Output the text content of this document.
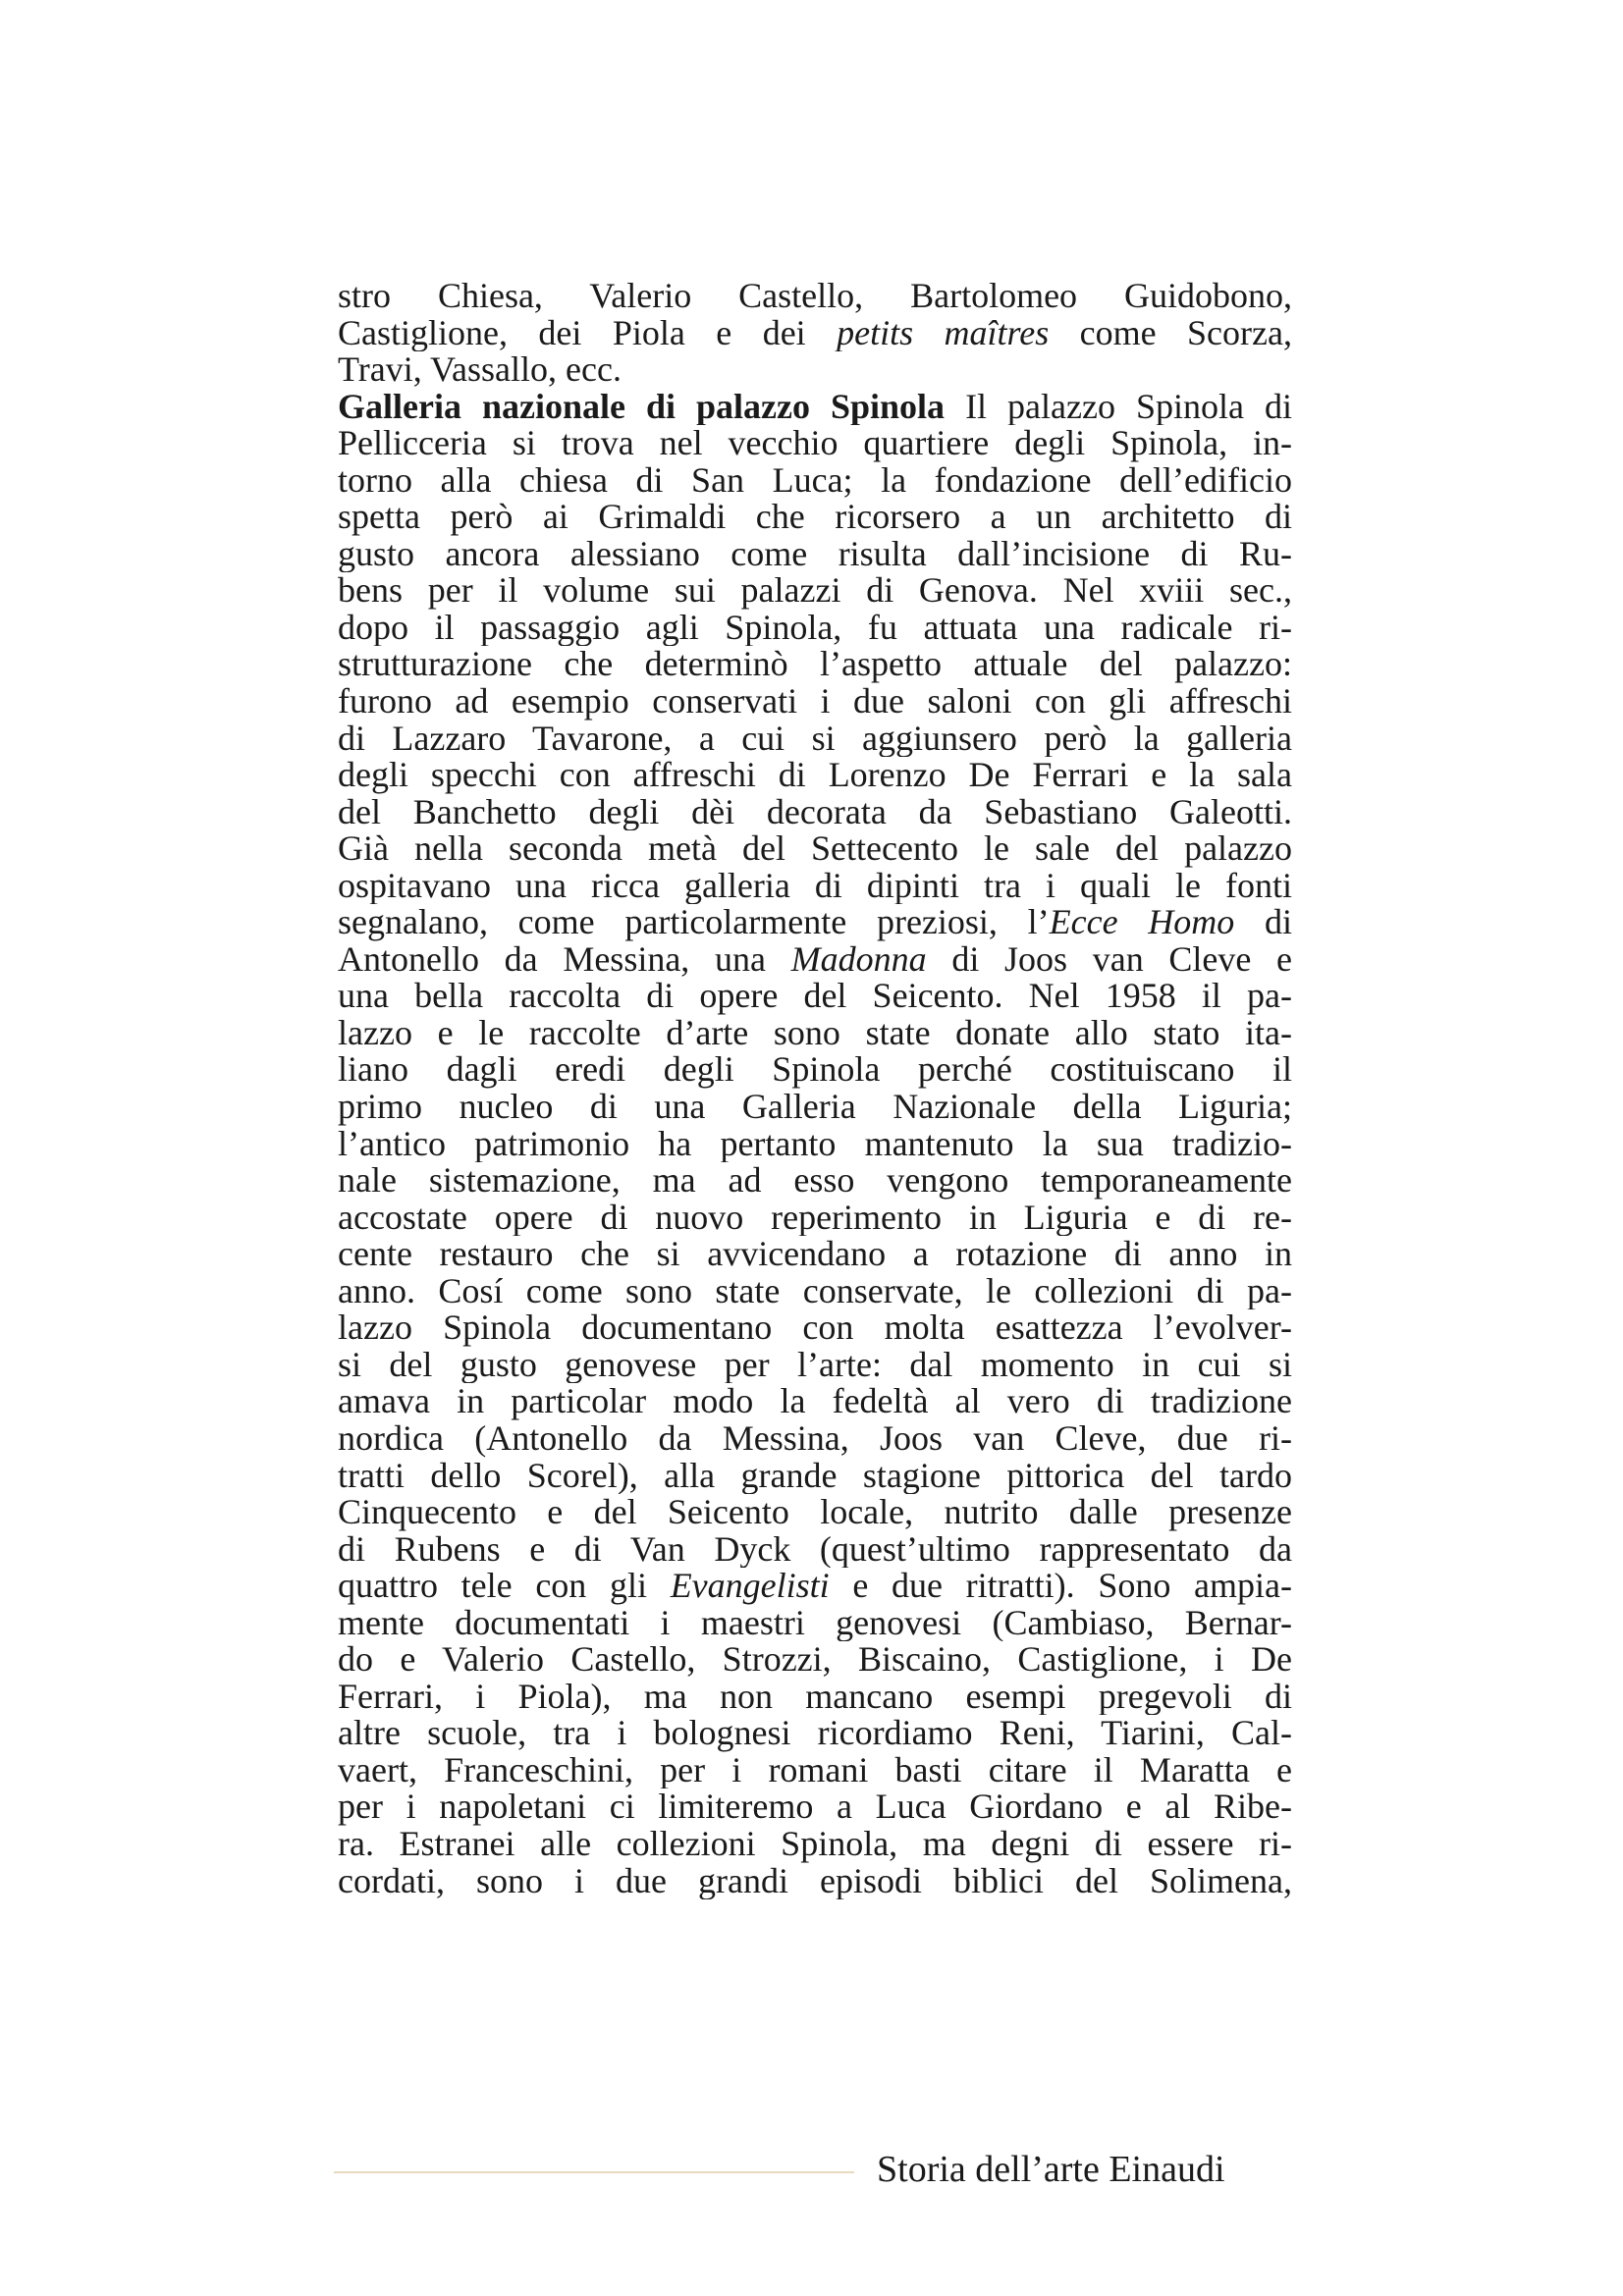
stro Chiesa, Valerio Castello, Bartolomeo Guidobono,
Castiglione, dei Piola e dei petits maîtres come Scorza,
Travi, Vassallo, ecc.
Galleria nazionale di palazzo Spinola Il palazzo Spinola di
Pellicceria si trova nel vecchio quartiere degli Spinola, in-
torno alla chiesa di San Luca; la fondazione dell’edificio
spetta però ai Grimaldi che ricorsero a un architetto di
gusto ancora alessiano come risulta dall’incisione di Ru-
bens per il volume sui palazzi di Genova. Nel xviii sec.,
dopo il passaggio agli Spinola, fu attuata una radicale ri-
strutturazione che determinò l’aspetto attuale del palazzo:
furono ad esempio conservati i due saloni con gli affreschi
di Lazzaro Tavarone, a cui si aggiunsero però la galleria
degli specchi con affreschi di Lorenzo De Ferrari e la sala
del Banchetto degli dèi decorata da Sebastiano Galeotti.
Già nella seconda metà del Settecento le sale del palazzo
ospitavano una ricca galleria di dipinti tra i quali le fonti
segnalano, come particolarmente preziosi, l’Ecce Homo di
Antonello da Messina, una Madonna di Joos van Cleve e
una bella raccolta di opere del Seicento. Nel 1958 il pa-
lazzo e le raccolte d’arte sono state donate allo stato ita-
liano dagli eredi degli Spinola perché costituiscano il
primo nucleo di una Galleria Nazionale della Liguria;
l’antico patrimonio ha pertanto mantenuto la sua tradizio-
nale sistemazione, ma ad esso vengono temporaneamente
accostate opere di nuovo reperimento in Liguria e di re-
cente restauro che si avvicendano a rotazione di anno in
anno. Cosí come sono state conservate, le collezioni di pa-
lazzo Spinola documentano con molta esattezza l’evolver-
si del gusto genovese per l’arte: dal momento in cui si
amava in particolar modo la fedeltà al vero di tradizione
nordica (Antonello da Messina, Joos van Cleve, due ri-
tratti dello Scorel), alla grande stagione pittorica del tardo
Cinquecento e del Seicento locale, nutrito dalle presenze
di Rubens e di Van Dyck (quest’ultimo rappresentato da
quattro tele con gli Evangelisti e due ritratti). Sono ampia-
mente documentati i maestri genovesi (Cambiaso, Bernar-
do e Valerio Castello, Strozzi, Biscaino, Castiglione, i De
Ferrari, i Piola), ma non mancano esempi pregevoli di
altre scuole, tra i bolognesi ricordiamo Reni, Tiarini, Cal-
vaert, Franceschini, per i romani basti citare il Maratta e
per i napoletani ci limiteremo a Luca Giordano e al Ribe-
ra. Estranei alle collezioni Spinola, ma degni di essere ri-
cordati, sono i due grandi episodi biblici del Solimena,
Storia dell’arte Einaudi
